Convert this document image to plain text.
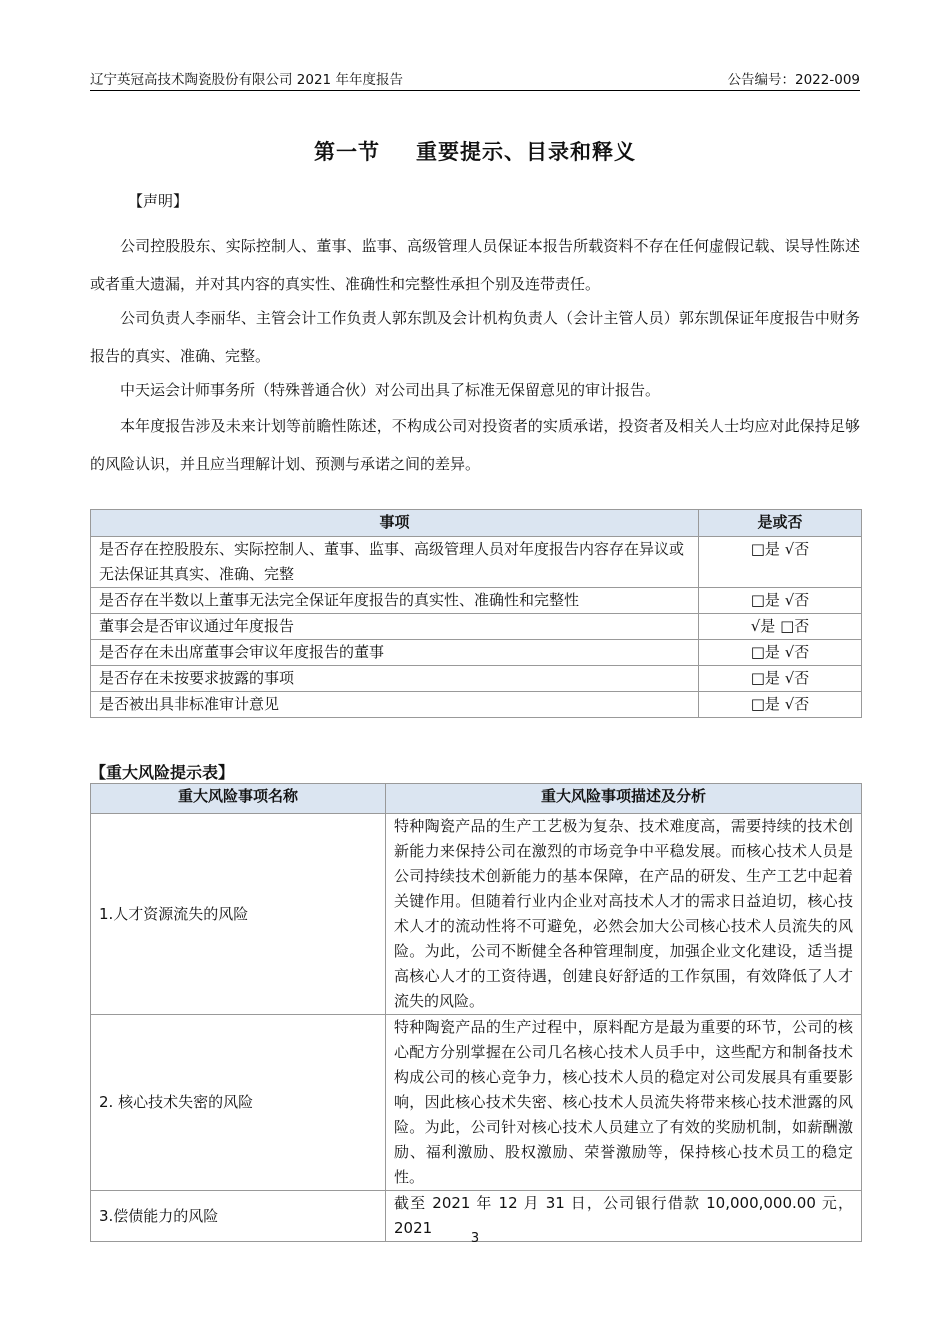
辽宁英冠高技术陶瓷股份有限公司 2021 年年度报告	公告编号：2022-009
第一节 重要提示、目录和释义
【声明】

公司控股股东、实际控制人、董事、监事、高级管理人员保证本报告所载资料不存在任何虚假记载、误导性陈述或者重大遗漏，并对其内容的真实性、准确性和完整性承担个别及连带责任。

公司负责人李丽华、主管会计工作负责人郭东凯及会计机构负责人（会计主管人员）郭东凯保证年度报告中财务报告的真实、准确、完整。

中天运会计师事务所（特殊普通合伙）对公司出具了标准无保留意见的审计报告。

本年度报告涉及未来计划等前瞻性陈述，不构成公司对投资者的实质承诺，投资者及相关人士均应对此保持足够的风险认识，并且应当理解计划、预测与承诺之间的差异。

事项	是或否
是否存在控股股东、实际控制人、董事、监事、高级管理人员对年度报告内容存在异议或无法保证其真实、准确、完整	□是 √否
是否存在半数以上董事无法完全保证年度报告的真实性、准确性和完整性	□是 √否
董事会是否审议通过年度报告	√是 □否
是否存在未出席董事会审议年度报告的董事	□是 √否
是否存在未按要求披露的事项	□是 √否
是否被出具非标准审计意见	□是 √否
【重大风险提示表】
重大风险事项名称	重大风险事项描述及分析
1.人才资源流失的风险	特种陶瓷产品的生产工艺极为复杂、技术难度高，需要持续的技术创新能力来保持公司在激烈的市场竞争中平稳发展。而核心技术人员是公司持续技术创新能力的基本保障，在产品的研发、生产工艺中起着关键作用。但随着行业内企业对高技术人才的需求日益迫切，核心技术人才的流动性将不可避免，必然会加大公司核心技术人员流失的风险。为此，公司不断健全各种管理制度，加强企业文化建设，适当提高核心人才的工资待遇，创建良好舒适的工作氛围，有效降低了人才流失的风险。
2. 核心技术失密的风险	特种陶瓷产品的生产过程中，原料配方是最为重要的环节，公司的核心配方分别掌握在公司几名核心技术人员手中，这些配方和制备技术构成公司的核心竞争力，核心技术人员的稳定对公司发展具有重要影响，因此核心技术失密、核心技术人员流失将带来核心技术泄露的风险。为此，公司针对核心技术人员建立了有效的奖励机制，如薪酬激励、福利激励、股权激励、荣誉激励等，保持核心技术员工的稳定性。
3.偿债能力的风险	截至 2021 年 12 月 31 日，公司银行借款 10,000,000.00 元，2021
3
